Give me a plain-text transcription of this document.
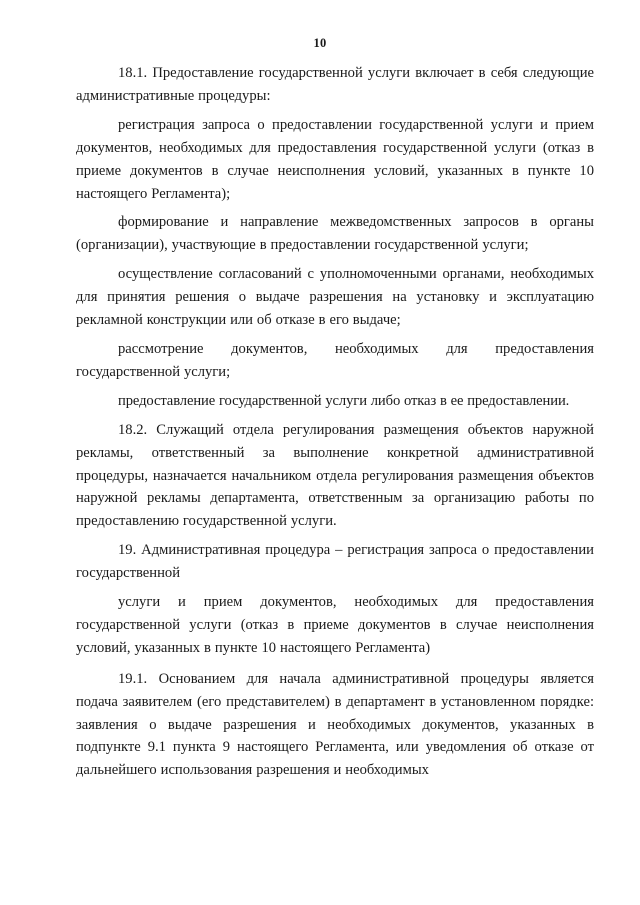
10

18.1. Предоставление государственной услуги включает в себя следующие административные процедуры:

регистрация запроса о предоставлении государственной услуги и прием документов, необходимых для предоставления государственной услуги (отказ в приеме документов в случае неисполнения условий, указанных в пункте 10 настоящего Регламента);

формирование и направление межведомственных запросов в органы (организации), участвующие в предоставлении государственной услуги;

осуществление согласований с уполномоченными органами, необходимых для принятия решения о выдаче разрешения на установку и эксплуатацию рекламной конструкции или об отказе в его выдаче;

рассмотрение документов, необходимых для предоставления государственной услуги;

предоставление государственной услуги либо отказ в ее предоставлении.

18.2. Служащий отдела регулирования размещения объектов наружной рекламы, ответственный за выполнение конкретной административной процедуры, назначается начальником отдела регулирования размещения объектов наружной рекламы департамента, ответственным за организацию работы по предоставлению государственной услуги.

19. Административная процедура – регистрация запроса о предоставлении государственной

услуги и прием документов, необходимых для предоставления государственной услуги (отказ в приеме документов в случае неисполнения условий, указанных в пункте 10 настоящего Регламента)

19.1. Основанием для начала административной процедуры является подача заявителем (его представителем) в департамент в установленном порядке: заявления о выдаче разрешения и необходимых документов, указанных в подпункте 9.1 пункта 9 настоящего Регламента, или уведомления об отказе от дальнейшего использования разрешения и необходимых
